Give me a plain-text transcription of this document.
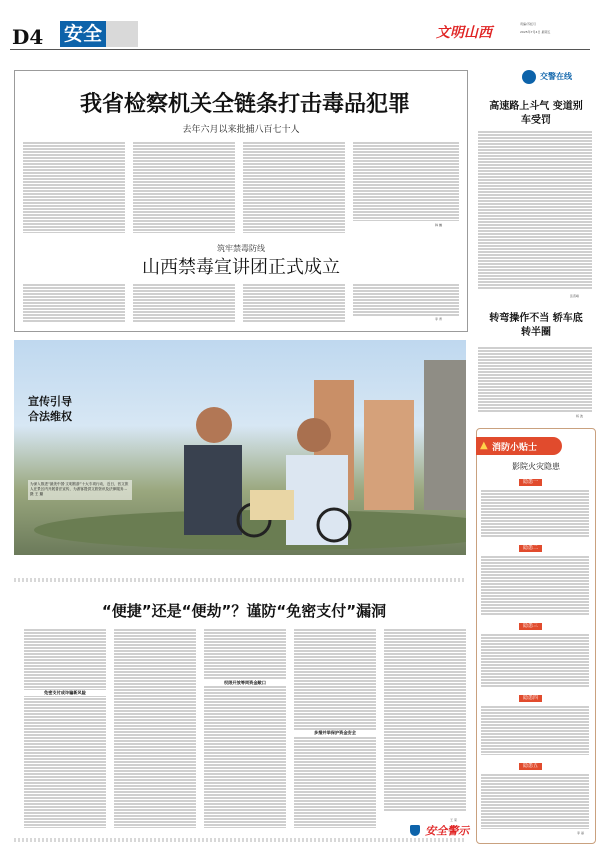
D4 安全	文明山西
责编/苏虹月
2025年7月4日 星期五
我省检察机关全链条打击毒品犯罪
去年六月以来批捕八百七十人
韩 巍
筑牢禁毒防线
山西禁毒宣讲团正式成立
李 青
宣传引导 合法维权
为深入推进“最美中国·文明旅游”十大专项行动，近日，晋文旅人在景区内开展普法宣传，为游客提供文旅资讯及法律服务… 摄 王 璐
“便捷”还是“便劫”？谨防“免密支付”漏洞
免密支付成诈骗新风险
权限开放等同资金敞口
多措并举保护资金安全
王 荣
安全警示
交警在线
高速路上斗气 变道别车受罚
张晋峰
转弯操作不当 轿车底转半圈
杨 波
▲ 消防小贴士
影院火灾隐患
隐患一
隐患二
隐患三
隐患四
隐患五
李 丽
